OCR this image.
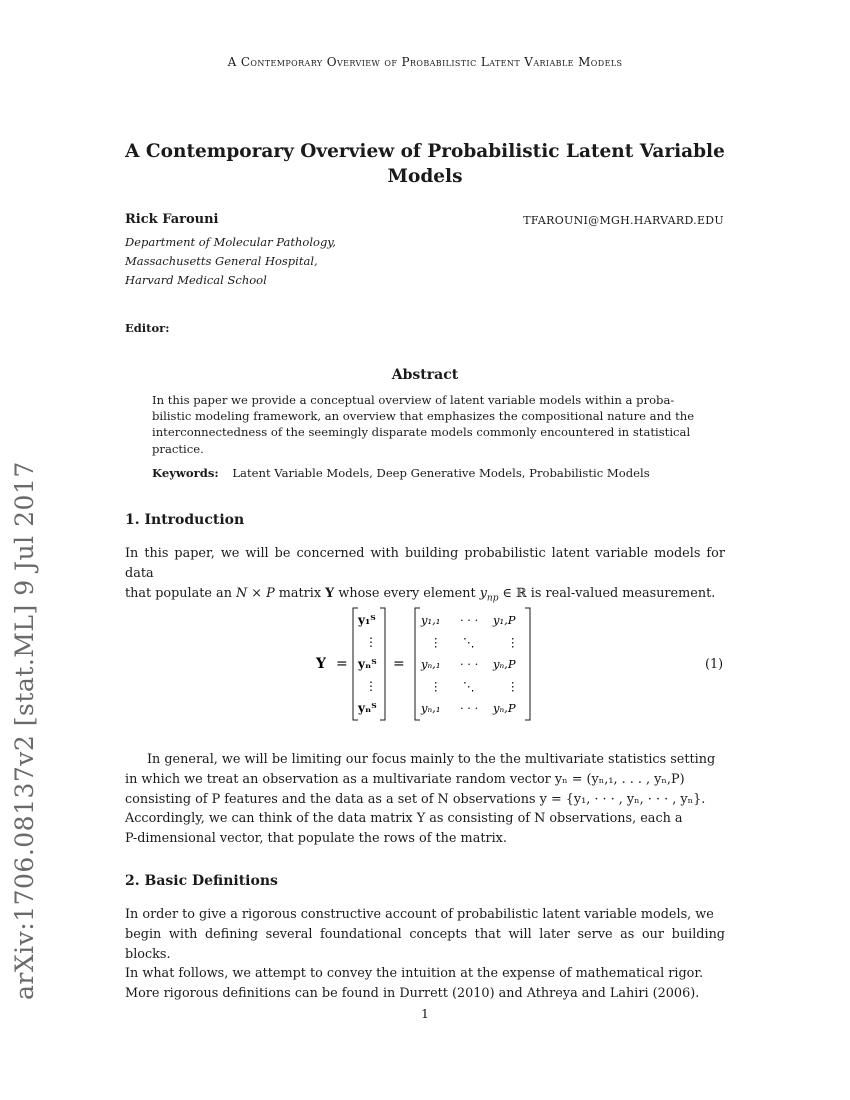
A Contemporary Overview of Probabilistic Latent Variable Models
arXiv:1706.08137v2 [stat.ML] 9 Jul 2017
A Contemporary Overview of Probabilistic Latent Variable
Models
Rick Farouni	TFAROUNI@MGH.HARVARD.EDU
Department of Molecular Pathology,
Massachusetts General Hospital,
Harvard Medical School
Editor:
Abstract
In this paper we provide a conceptual overview of latent variable models within a proba-
bilistic modeling framework, an overview that emphasizes the compositional nature and the
interconnectedness of the seemingly disparate models commonly encountered in statistical
practice.
Keywords: Latent Variable Models, Deep Generative Models, Probabilistic Models
1. Introduction
In this paper, we will be concerned with building probabilistic latent variable models for data
that populate an N × P matrix Y whose every element $y_{np}$ ∈ ℝ is real-valued measurement.
Y =
y₁ᵀ
⋮
yₙᵀ
⋮
yₙᵀ
=
y₁,₁ · · · y₁,P
⋮ ⋱	⋮
yₙ,₁ · · · yₙ,P
⋮ ⋱	⋮
yₙ,₁ · · · yₙ,P
(1)
In general, we will be limiting our focus mainly to the the multivariate statistics setting
in which we treat an observation as a multivariate random vector yₙ = (yₙ,₁, . . . , yₙ,P)
consisting of P features and the data as a set of N observations y = {y₁, · · · , yₙ, · · · , yₙ}.
Accordingly, we can think of the data matrix Y as consisting of N observations, each a
P-dimensional vector, that populate the rows of the matrix.
2. Basic Definitions
In order to give a rigorous constructive account of probabilistic latent variable models, we
begin with defining several foundational concepts that will later serve as our building blocks.
In what follows, we attempt to convey the intuition at the expense of mathematical rigor.
More rigorous definitions can be found in Durrett (2010) and Athreya and Lahiri (2006).
1
